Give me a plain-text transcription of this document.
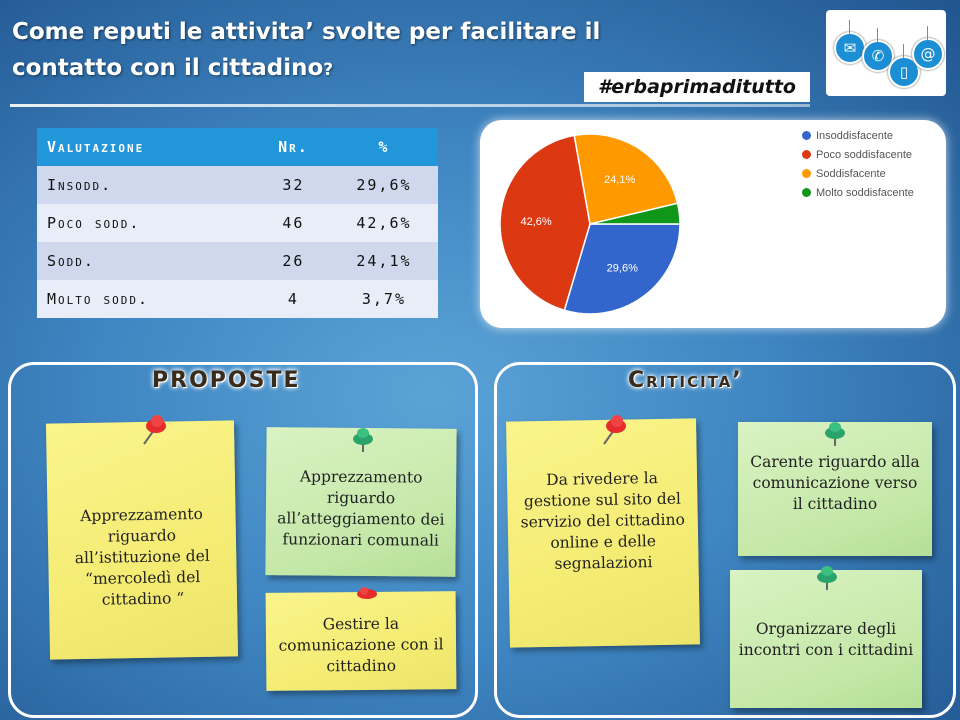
Come reputi le attivita’ svolte per facilitare il
contatto con il cittadino?
#erbaprimaditutto
✉	✆
▯
@
Valutazione	Nr.	%
Insodd.	32	29,6%
Poco sodd.	46	42,6%
Sodd.	26	24,1%
Molto sodd.	4	3,7%
29,6%
42,6%
24,1%
Insoddisfacente
Poco soddisfacente
Soddisfacente
Molto soddisfacente
PROPOSTE	Criticita’
Apprezzamento riguardo all’istituzione del “mercoledì del cittadino “
Apprezzamento riguardo all’atteggiamento dei funzionari comunali
Gestire la comunicazione con il cittadino
Da rivedere la gestione sul sito del servizio del cittadino online e delle segnalazioni
Carente riguardo alla comunicazione verso il cittadino
Organizzare degli incontri con i cittadini
